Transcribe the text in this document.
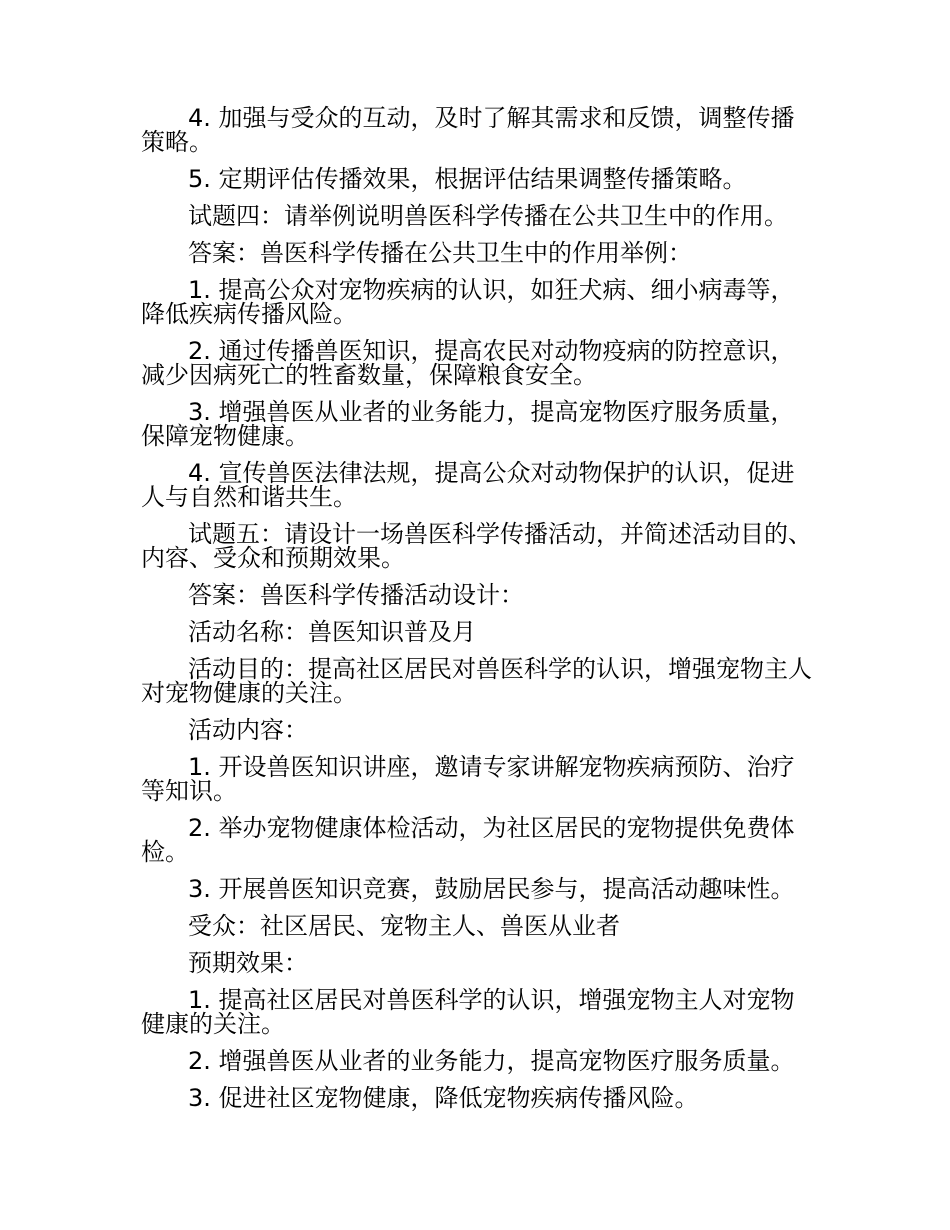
4. 加强与受众的互动，及时了解其需求和反馈，调整传播策略。

5. 定期评估传播效果，根据评估结果调整传播策略。

试题四：请举例说明兽医科学传播在公共卫生中的作用。

答案：兽医科学传播在公共卫生中的作用举例：

1. 提高公众对宠物疾病的认识，如狂犬病、细小病毒等，降低疾病传播风险。

2. 通过传播兽医知识，提高农民对动物疫病的防控意识，减少因病死亡的牲畜数量，保障粮食安全。

3. 增强兽医从业者的业务能力，提高宠物医疗服务质量，保障宠物健康。

4. 宣传兽医法律法规，提高公众对动物保护的认识，促进人与自然和谐共生。

试题五：请设计一场兽医科学传播活动，并简述活动目的、内容、受众和预期效果。

答案：兽医科学传播活动设计：

活动名称：兽医知识普及月

活动目的：提高社区居民对兽医科学的认识，增强宠物主人对宠物健康的关注。

活动内容：

1. 开设兽医知识讲座，邀请专家讲解宠物疾病预防、治疗等知识。

2. 举办宠物健康体检活动，为社区居民的宠物提供免费体检。

3. 开展兽医知识竞赛，鼓励居民参与，提高活动趣味性。

受众：社区居民、宠物主人、兽医从业者

预期效果：

1. 提高社区居民对兽医科学的认识，增强宠物主人对宠物健康的关注。

2. 增强兽医从业者的业务能力，提高宠物医疗服务质量。

3. 促进社区宠物健康，降低宠物疾病传播风险。
